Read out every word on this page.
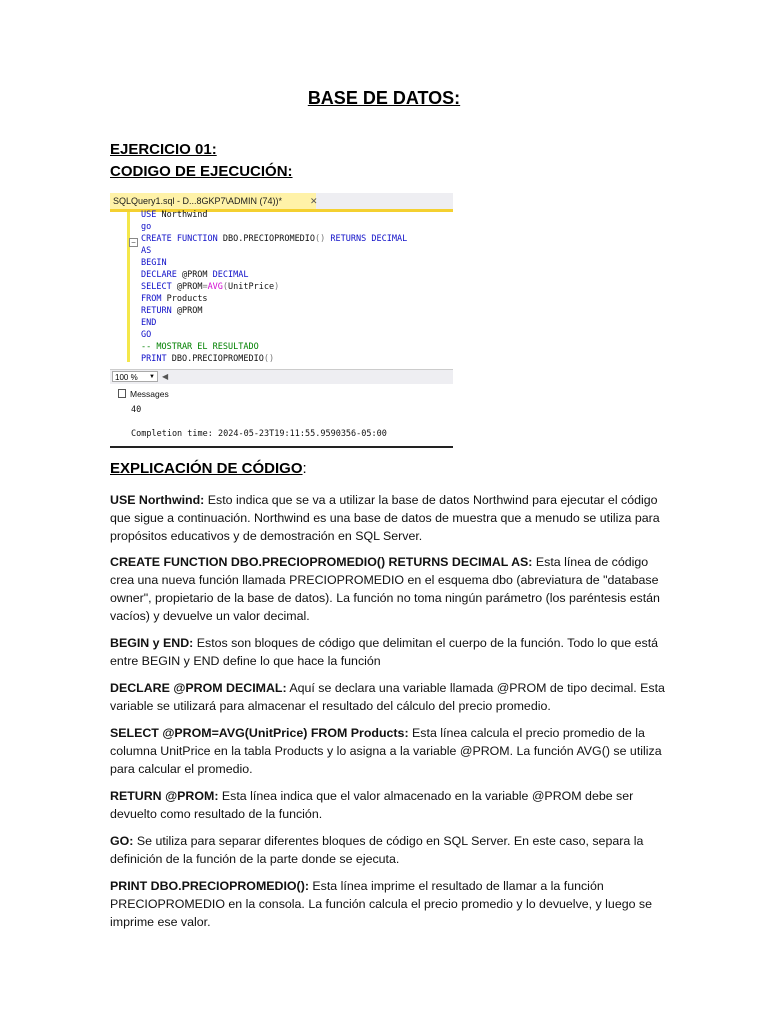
BASE DE DATOS:
EJERCICIO 01:
CODIGO DE EJECUCIÓN:
SQLQuery1.sql - D...8GKP7\ADMIN (74))*	✕
−
USE Northwind
go
CREATE FUNCTION DBO.PRECIOPROMEDIO() RETURNS DECIMAL
AS
BEGIN
DECLARE @PROM DECIMAL
SELECT @PROM=AVG(UnitPrice)
FROM Products
RETURN @PROM
END
GO
-- MOSTRAR EL RESULTADO
PRINT DBO.PRECIOPROMEDIO()
100 % ▼ ◀
Messages
40

Completion time: 2024-05-23T19:11:55.9590356-05:00
EXPLICACIÓN DE CÓDIGO:
USE Northwind: Esto indica que se va a utilizar la base de datos Northwind para ejecutar el código que sigue a continuación. Northwind es una base de datos de muestra que a menudo se utiliza para propósitos educativos y de demostración en SQL Server.
CREATE FUNCTION DBO.PRECIOPROMEDIO() RETURNS DECIMAL AS: Esta línea de código crea una nueva función llamada PRECIOPROMEDIO en el esquema dbo (abreviatura de "database owner", propietario de la base de datos). La función no toma ningún parámetro (los paréntesis están vacíos) y devuelve un valor decimal.
BEGIN y END: Estos son bloques de código que delimitan el cuerpo de la función. Todo lo que está entre BEGIN y END define lo que hace la función
DECLARE @PROM DECIMAL: Aquí se declara una variable llamada @PROM de tipo decimal. Esta variable se utilizará para almacenar el resultado del cálculo del precio promedio.
SELECT @PROM=AVG(UnitPrice) FROM Products: Esta línea calcula el precio promedio de la columna UnitPrice en la tabla Products y lo asigna a la variable @PROM. La función AVG() se utiliza para calcular el promedio.
RETURN @PROM: Esta línea indica que el valor almacenado en la variable @PROM debe ser devuelto como resultado de la función.
GO: Se utiliza para separar diferentes bloques de código en SQL Server. En este caso, separa la definición de la función de la parte donde se ejecuta.
PRINT DBO.PRECIOPROMEDIO(): Esta línea imprime el resultado de llamar a la función PRECIOPROMEDIO en la consola. La función calcula el precio promedio y lo devuelve, y luego se imprime ese valor.
